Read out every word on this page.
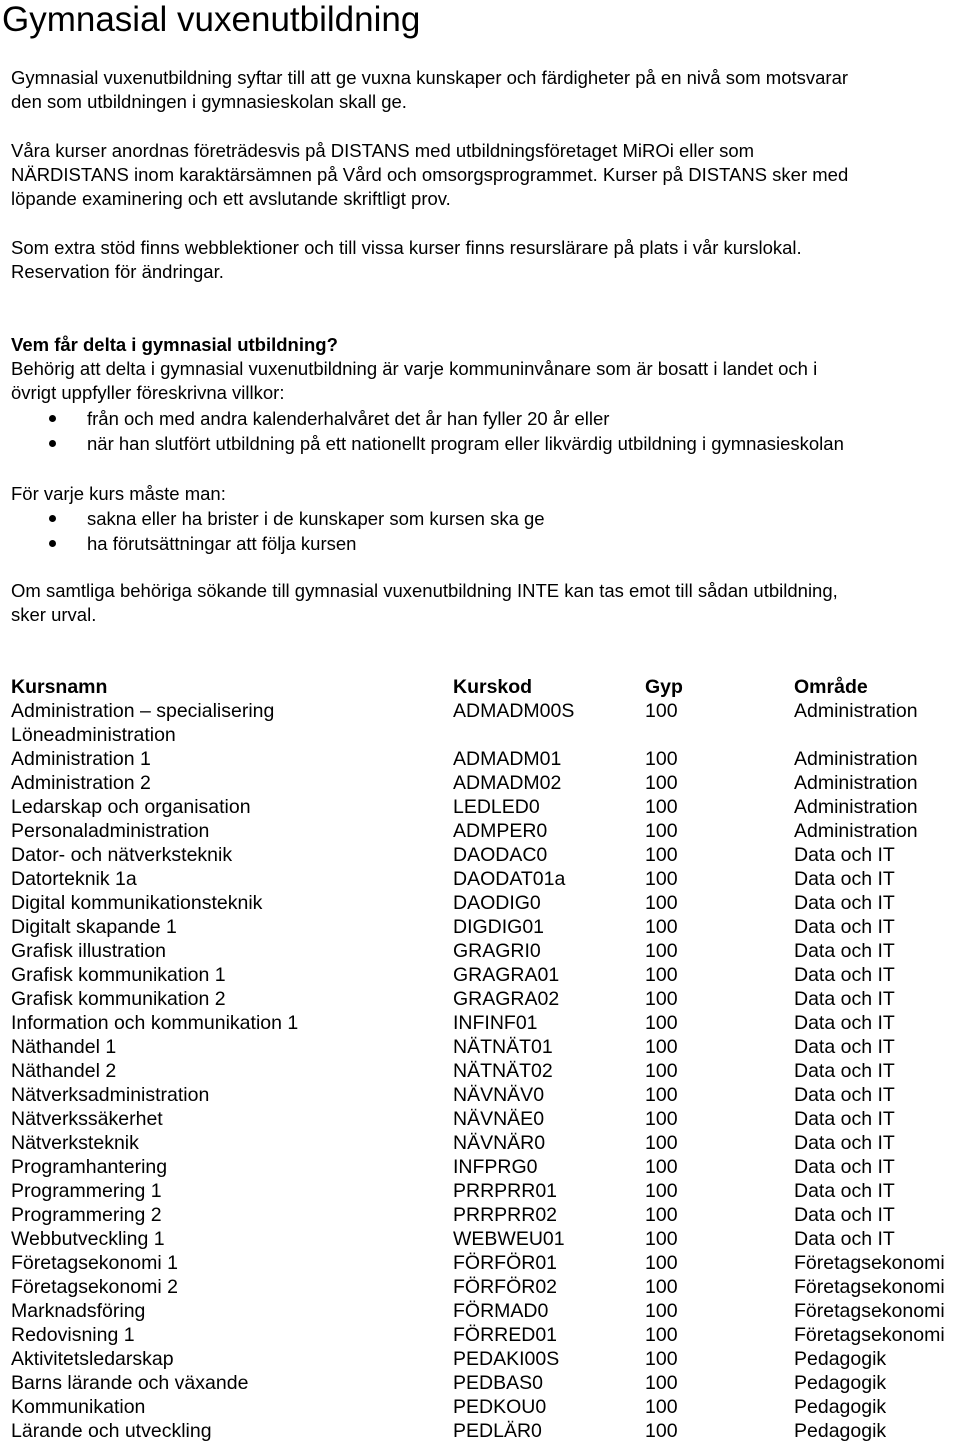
Gymnasial vuxenutbildning
Gymnasial vuxenutbildning syftar till att ge vuxna kunskaper och färdigheter på en nivå som motsvarar
den som utbildningen i gymnasieskolan skall ge.
Våra kurser anordnas företrädesvis på DISTANS med utbildningsföretaget MiROi eller som
NÄRDISTANS inom karaktärsämnen på Vård och omsorgsprogrammet. Kurser på DISTANS sker med
löpande examinering och ett avslutande skriftligt prov.
Som extra stöd finns webblektioner och till vissa kurser finns resurslärare på plats i vår kurslokal.
Reservation för ändringar.
Vem får delta i gymnasial utbildning?
Behörig att delta i gymnasial vuxenutbildning är varje kommuninvånare som är bosatt i landet och i
övrigt uppfyller föreskrivna villkor:
från och med andra kalenderhalvåret det år han fyller 20 år eller
när han slutfört utbildning på ett nationellt program eller likvärdig utbildning i gymnasieskolan
För varje kurs måste man:
sakna eller ha brister i de kunskaper som kursen ska ge
ha förutsättningar att följa kursen
Om samtliga behöriga sökande till gymnasial vuxenutbildning INTE kan tas emot till sådan utbildning,
sker urval.
Kursnamn	Kurskod	Gyp	Område
Administration – specialisering	ADMADM00S	100	Administration
Löneadministration			
Administration 1	ADMADM01	100	Administration
Administration 2	ADMADM02	100	Administration
Ledarskap och organisation	LEDLED0	100	Administration
Personaladministration	ADMPER0	100	Administration
Dator- och nätverksteknik	DAODAC0	100	Data och IT
Datorteknik 1a	DAODAT01a	100	Data och IT
Digital kommunikationsteknik	DAODIG0	100	Data och IT
Digitalt skapande 1	DIGDIG01	100	Data och IT
Grafisk illustration	GRAGRI0	100	Data och IT
Grafisk kommunikation 1	GRAGRA01	100	Data och IT
Grafisk kommunikation 2	GRAGRA02	100	Data och IT
Information och kommunikation 1	INFINF01	100	Data och IT
Näthandel 1	NÄTNÄT01	100	Data och IT
Näthandel 2	NÄTNÄT02	100	Data och IT
Nätverksadministration	NÄVNÄV0	100	Data och IT
Nätverkssäkerhet	NÄVNÄE0	100	Data och IT
Nätverksteknik	NÄVNÄR0	100	Data och IT
Programhantering	INFPRG0	100	Data och IT
Programmering 1	PRRPRR01	100	Data och IT
Programmering 2	PRRPRR02	100	Data och IT
Webbutveckling 1	WEBWEU01	100	Data och IT
Företagsekonomi 1	FÖRFÖR01	100	Företagsekonomi
Företagsekonomi 2	FÖRFÖR02	100	Företagsekonomi
Marknadsföring	FÖRMAD0	100	Företagsekonomi
Redovisning 1	FÖRRED01	100	Företagsekonomi
Aktivitetsledarskap	PEDAKI00S	100	Pedagogik
Barns lärande och växande	PEDBAS0	100	Pedagogik
Kommunikation	PEDKOU0	100	Pedagogik
Lärande och utveckling	PEDLÄR0	100	Pedagogik
